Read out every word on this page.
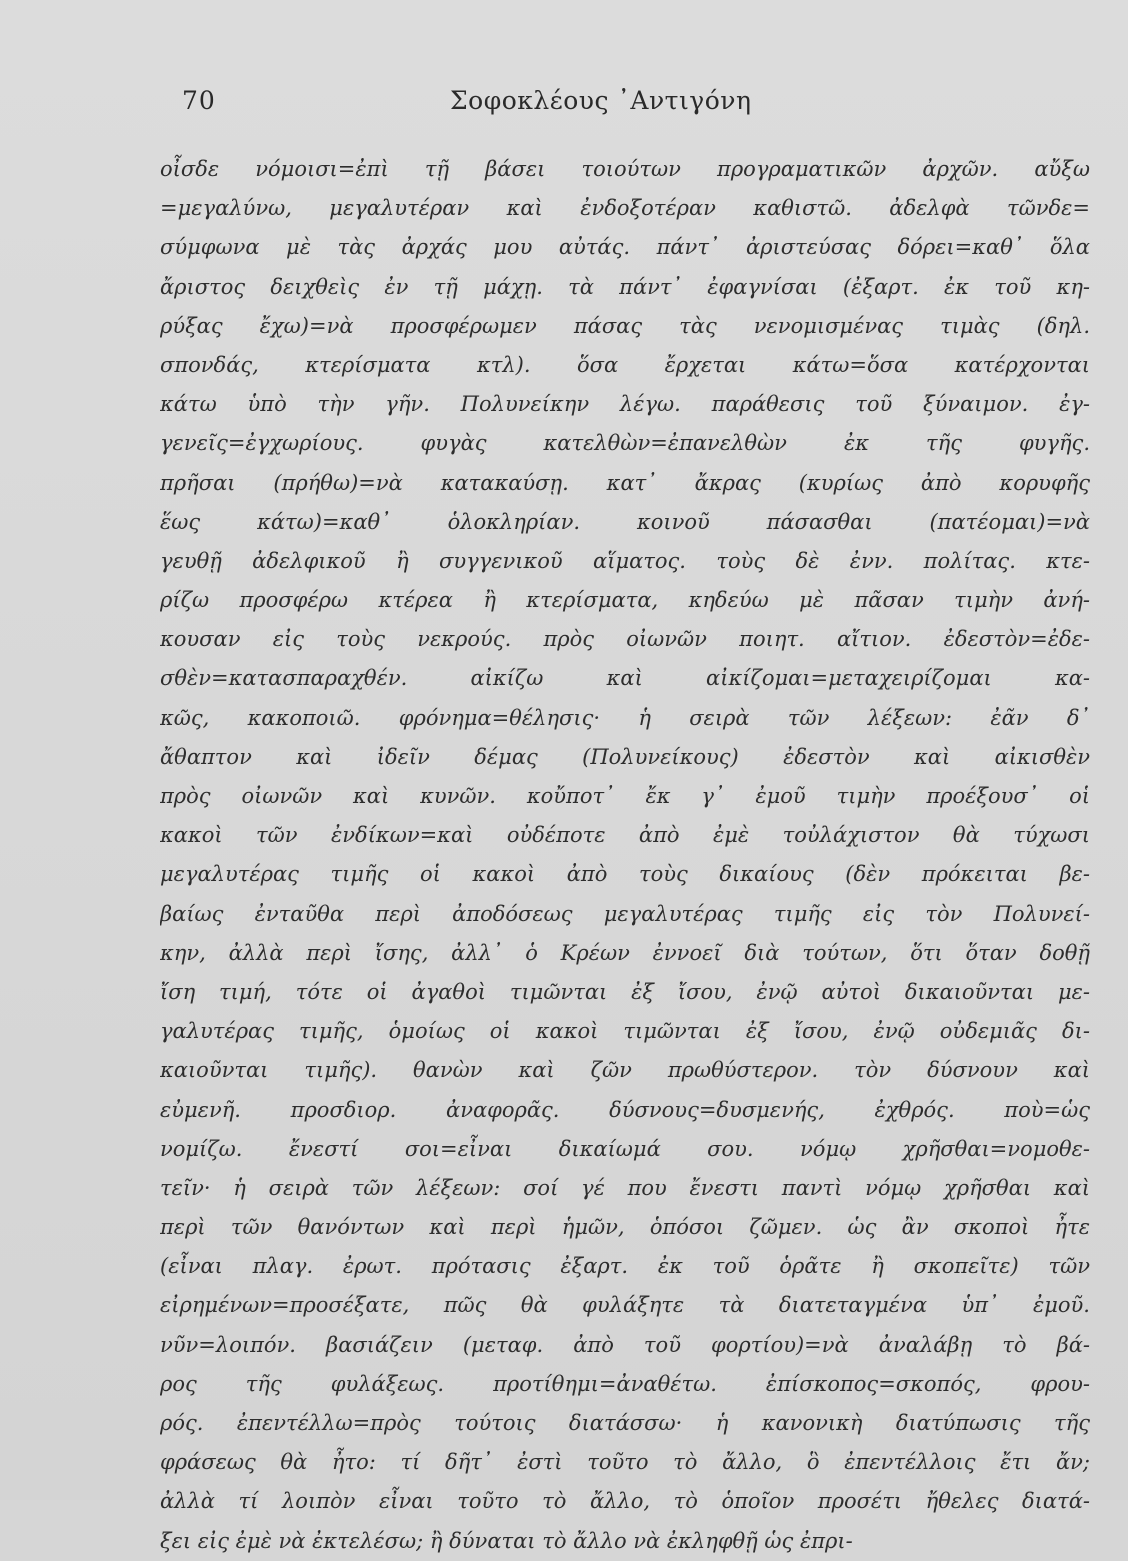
70	Σοφοκλέους ᾿Αντιγόνη
οἶσδε νόμοισι=ἐπὶ τῇ βάσει τοιούτων προγραματικῶν ἀρχῶν. αὔξω
=μεγαλύνω, μεγαλυτέραν καὶ ἐνδοξοτέραν καθιστῶ. ἀδελφὰ τῶνδε=
σύμφωνα μὲ τὰς ἀρχάς μου αὐτάς. πάντ᾿ ἀριστεύσας δόρει=καθ᾿ ὅλα
ἄριστος δειχθεὶς ἐν τῇ μάχῃ. τὰ πάντ᾿ ἐφαγνίσαι (ἐξαρτ. ἐκ τοῦ κη-
ρύξας ἔχω)=νὰ προσφέρωμεν πάσας τὰς νενομισμένας τιμὰς (δηλ.
σπονδάς, κτερίσματα κτλ). ὅσα ἔρχεται κάτω=ὅσα κατέρχονται
κάτω ὑπὸ τὴν γῆν. Πολυνείκην λέγω. παράθεσις τοῦ ξύναιμον. ἐγ-
γενεῖς=ἐγχωρίους. φυγὰς κατελθὼν=ἐπανελθὼν ἐκ τῆς φυγῆς.
πρῆσαι (πρήθω)=νὰ κατακαύσῃ. κατ᾿ ἄκρας (κυρίως ἀπὸ κορυφῆς
ἕως κάτω)=καθ᾿ ὁλοκληρίαν. κοινοῦ πάσασθαι (πατέομαι)=νὰ
γευθῇ ἀδελφικοῦ ἢ συγγενικοῦ αἵματος. τοὺς δὲ ἐνν. πολίτας. κτε-
ρίζω προσφέρω κτέρεα ἢ κτερίσματα, κηδεύω μὲ πᾶσαν τιμὴν ἀνή-
κουσαν εἰς τοὺς νεκρούς. πρὸς οἰωνῶν ποιητ. αἴτιον. ἐδεστὸν=ἐδε-
σθὲν=κατασπαραχθέν. αἰκίζω καὶ αἰκίζομαι=μεταχειρίζομαι κα-
κῶς, κακοποιῶ. φρόνημα=θέλησις· ἡ σειρὰ τῶν λέξεων: ἐᾶν δ᾿
ἄθαπτον καὶ ἰδεῖν δέμας (Πολυνείκους) ἐδεστὸν καὶ αἰκισθὲν
πρὸς οἰωνῶν καὶ κυνῶν. κοὔποτ᾿ ἔκ γ᾿ ἐμοῦ τιμὴν προέξουσ᾿ οἱ
κακοὶ τῶν ἐνδίκων=καὶ οὐδέποτε ἀπὸ ἐμὲ τοὐλάχιστον θὰ τύχωσι
μεγαλυτέρας τιμῆς οἱ κακοὶ ἀπὸ τοὺς δικαίους (δὲν πρόκειται βε-
βαίως ἐνταῦθα περὶ ἀποδόσεως μεγαλυτέρας τιμῆς εἰς τὸν Πολυνεί-
κην, ἀλλὰ περὶ ἴσης, ἀλλ᾿ ὁ Κρέων ἐννοεῖ διὰ τούτων, ὅτι ὅταν δοθῇ
ἴση τιμή, τότε οἱ ἀγαθοὶ τιμῶνται ἐξ ἴσου, ἐνῷ αὐτοὶ δικαιοῦνται με-
γαλυτέρας τιμῆς, ὁμοίως οἱ κακοὶ τιμῶνται ἐξ ἴσου, ἐνῷ οὐδεμιᾶς δι-
καιοῦνται τιμῆς). θανὼν καὶ ζῶν πρωθύστερον. τὸν δύσνουν καὶ
εὐμενῆ. προσδιορ. ἀναφορᾶς. δύσνους=δυσμενής, ἐχθρός. ποὺ=ὡς
νομίζω. ἔνεστί σοι=εἶναι δικαίωμά σου. νόμῳ χρῆσθαι=νομοθε-
τεῖν· ἡ σειρὰ τῶν λέξεων: σοί γέ που ἔνεστι παντὶ νόμῳ χρῆσθαι καὶ
περὶ τῶν θανόντων καὶ περὶ ἡμῶν, ὁπόσοι ζῶμεν. ὡς ἂν σκοποὶ ἦτε
(εἶναι πλαγ. ἐρωτ. πρότασις ἐξαρτ. ἐκ τοῦ ὁρᾶτε ἢ σκοπεῖτε) τῶν
εἰρημένων=προσέξατε, πῶς θὰ φυλάξητε τὰ διατεταγμένα ὑπ᾿ ἐμοῦ.
νῦν=λοιπόν. βασιάζειν (μεταφ. ἀπὸ τοῦ φορτίου)=νὰ ἀναλάβῃ τὸ βά-
ρος τῆς φυλάξεως. προτίθημι=ἀναθέτω. ἐπίσκοπος=σκοπός, φρου-
ρός. ἐπεντέλλω=πρὸς τούτοις διατάσσω· ἡ κανονικὴ διατύπωσις τῆς
φράσεως θὰ ἦτο: τί δῆτ᾿ ἐστὶ τοῦτο τὸ ἄλλο, ὃ ἐπεντέλλοις ἔτι ἄν;
ἀλλὰ τί λοιπὸν εἶναι τοῦτο τὸ ἄλλο, τὸ ὁποῖον προσέτι ἤθελες διατά-
ξει εἰς ἐμὲ νὰ ἐκτελέσω; ἢ δύναται τὸ ἄλλο νὰ ἐκληφθῇ ὡς ἐπρι-
